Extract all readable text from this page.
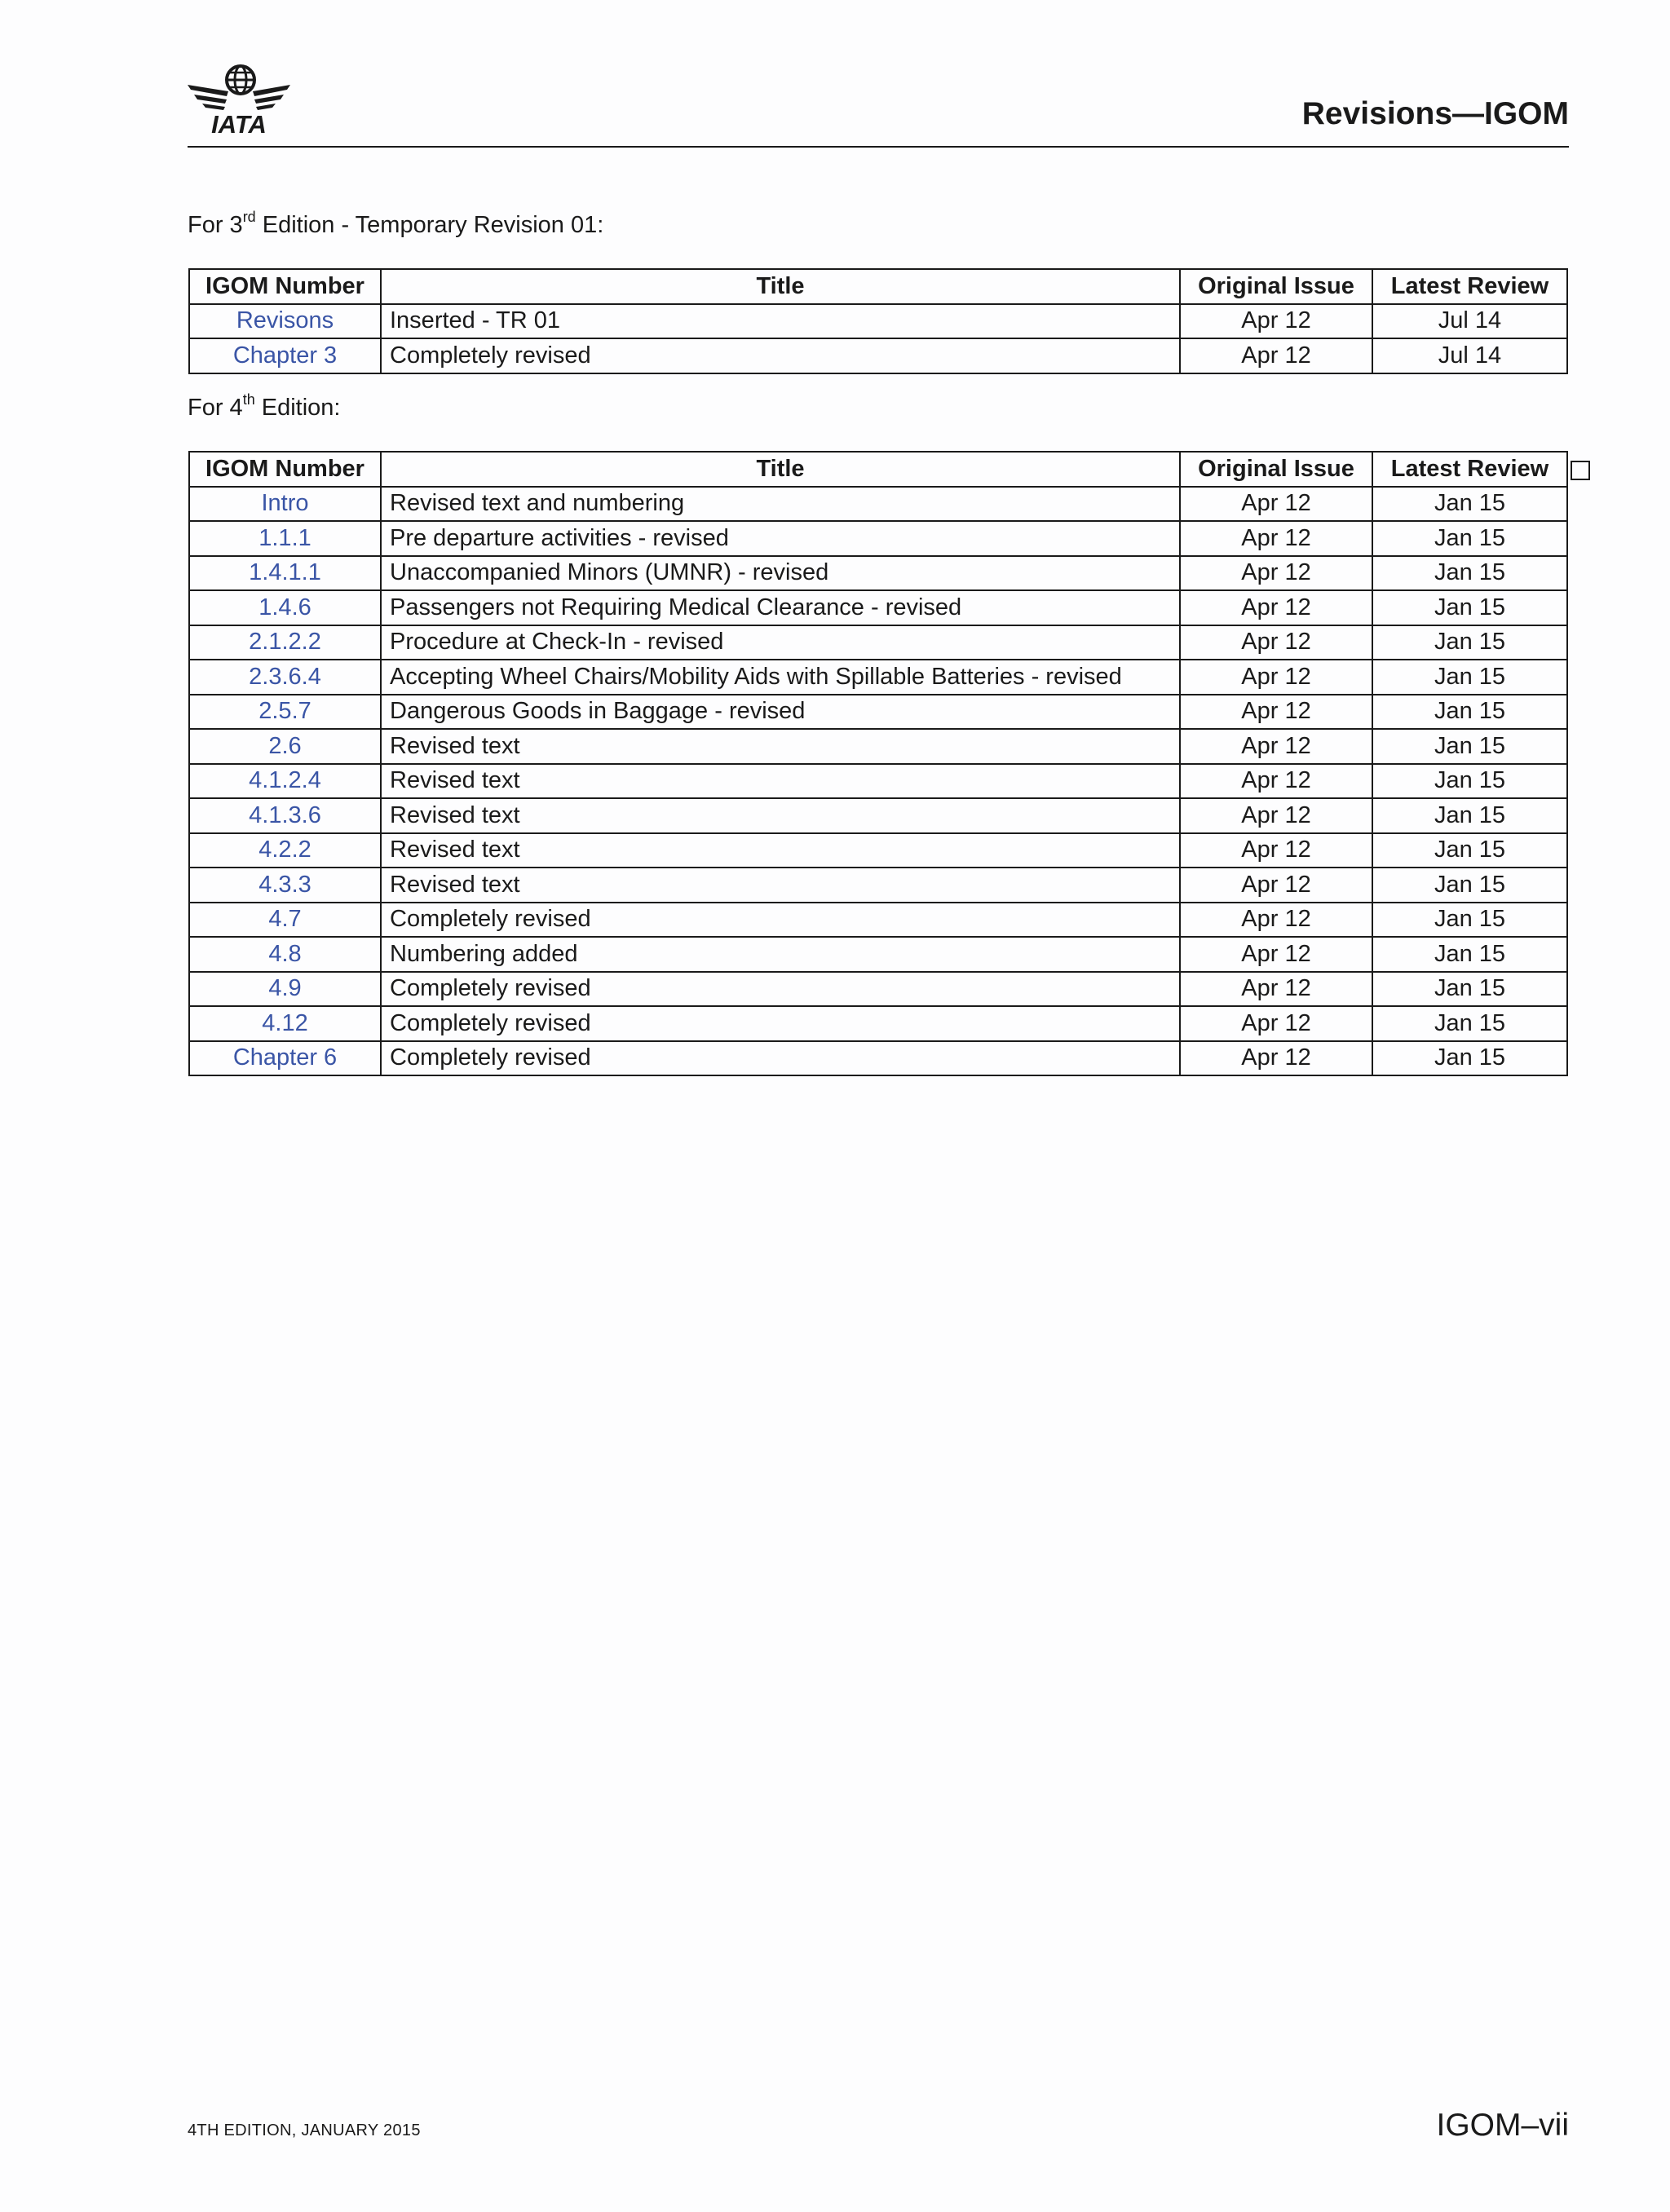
IATA	Revisions—IGOM
For 3rd Edition - Temporary Revision 01:
IGOM Number	Title	Original Issue	Latest Review
Revisons	Inserted - TR 01	Apr 12	Jul 14
Chapter 3	Completely revised	Apr 12	Jul 14
For 4th Edition:
IGOM Number	Title	Original Issue	Latest Review
Intro	Revised text and numbering	Apr 12	Jan 15
1.1.1	Pre departure activities - revised	Apr 12	Jan 15
1.4.1.1	Unaccompanied Minors (UMNR) - revised	Apr 12	Jan 15
1.4.6	Passengers not Requiring Medical Clearance - revised	Apr 12	Jan 15
2.1.2.2	Procedure at Check-In - revised	Apr 12	Jan 15
2.3.6.4	Accepting Wheel Chairs/Mobility Aids with Spillable Batteries - revised	Apr 12	Jan 15
2.5.7	Dangerous Goods in Baggage - revised	Apr 12	Jan 15
2.6	Revised text	Apr 12	Jan 15
4.1.2.4	Revised text	Apr 12	Jan 15
4.1.3.6	Revised text	Apr 12	Jan 15
4.2.2	Revised text	Apr 12	Jan 15
4.3.3	Revised text	Apr 12	Jan 15
4.7	Completely revised	Apr 12	Jan 15
4.8	Numbering added	Apr 12	Jan 15
4.9	Completely revised	Apr 12	Jan 15
4.12	Completely revised	Apr 12	Jan 15
Chapter 6	Completely revised	Apr 12	Jan 15
4TH EDITION, JANUARY 2015	IGOM–vii
